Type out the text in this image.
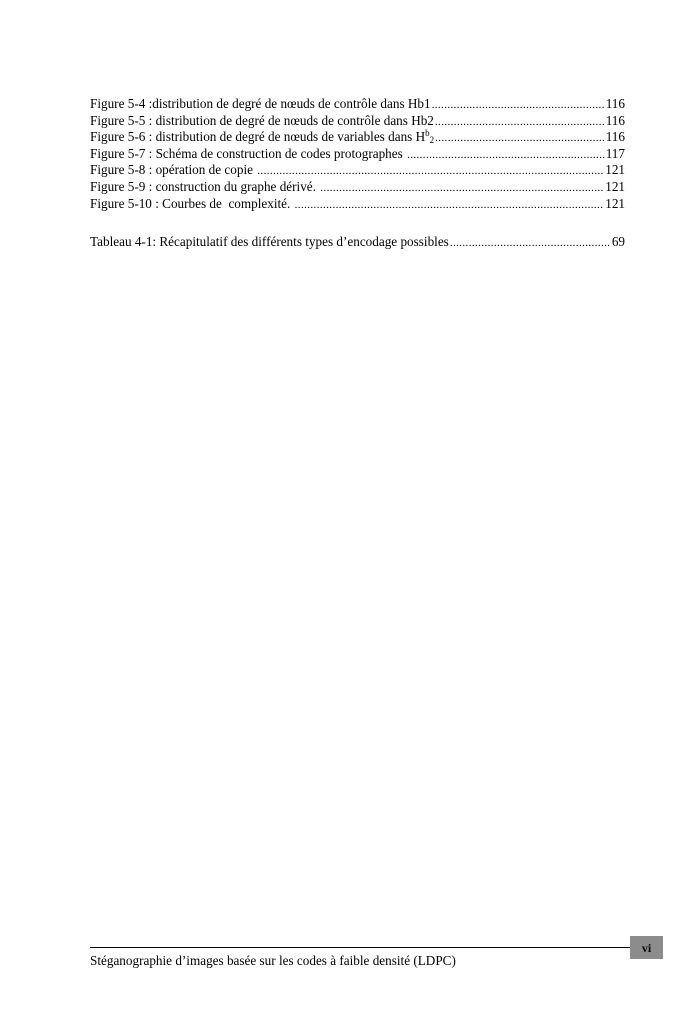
Figure 5-4 :distribution de degré de nœuds de contrôle dans Hb1 .....	116
Figure 5-5 : distribution de degré de nœuds de contrôle dans Hb2 .....	116
Figure 5-6 : distribution de degré de nœuds de variables dans $H^b_2$ .....	116
Figure 5-7 : Schéma de construction de codes protographes .....	117
Figure 5-8 : opération de copie .....	121
Figure 5-9 : construction du graphe dérivé. .....	121
Figure 5-10 : Courbes de  complexité. .....	121
Tableau 4-1: Récapitulatif des différents types d’encodage possibles .....	69
vi
Stéganographie d’images basée sur les codes à faible densité (LDPC)
